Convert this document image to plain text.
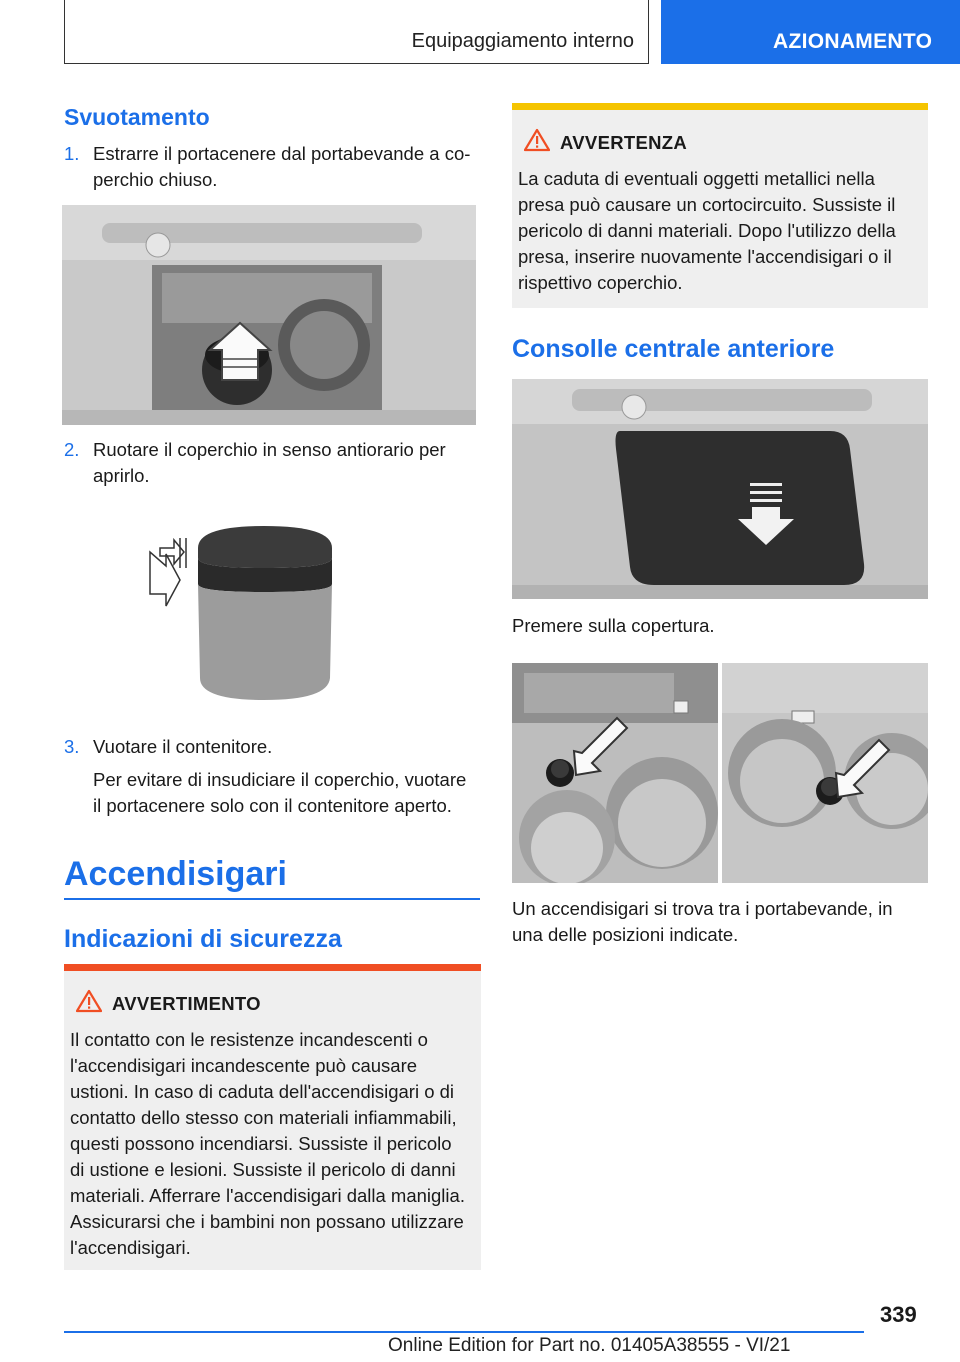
Equipaggiamento interno	AZIONAMENTO
Svuotamento
1. Estrarre il portacenere dal portabevande a co-
perchio chiuso.
2. Ruotare il coperchio in senso antiorario per
aprirlo.
3. Vuotare il contenitore.
Per evitare di insudiciare il coperchio, vuotare
il portacenere solo con il contenitore aperto.
Accendisigari
Indicazioni di sicurezza
AVVERTIMENTO
Il contatto con le resistenze incandescenti o
l'accendisigari incandescente può causare
ustioni. In caso di caduta dell'accendisigari o di
contatto dello stesso con materiali infiammabili,
questi possono incendiarsi. Sussiste il pericolo
di ustione e lesioni. Sussiste il pericolo di danni
materiali. Afferrare l'accendisigari dalla maniglia.
Assicurarsi che i bambini non possano utilizzare
l'accendisigari.
AVVERTENZA
La caduta di eventuali oggetti metallici nella
presa può causare un cortocircuito. Sussiste il
pericolo di danni materiali. Dopo l'utilizzo della
presa, inserire nuovamente l'accendisigari o il
rispettivo coperchio.
Consolle centrale anteriore
Premere sulla copertura.
Un accendisigari si trova tra i portabevande, in
una delle posizioni indicate.
339
Online Edition for Part no. 01405A38555 - VI/21
